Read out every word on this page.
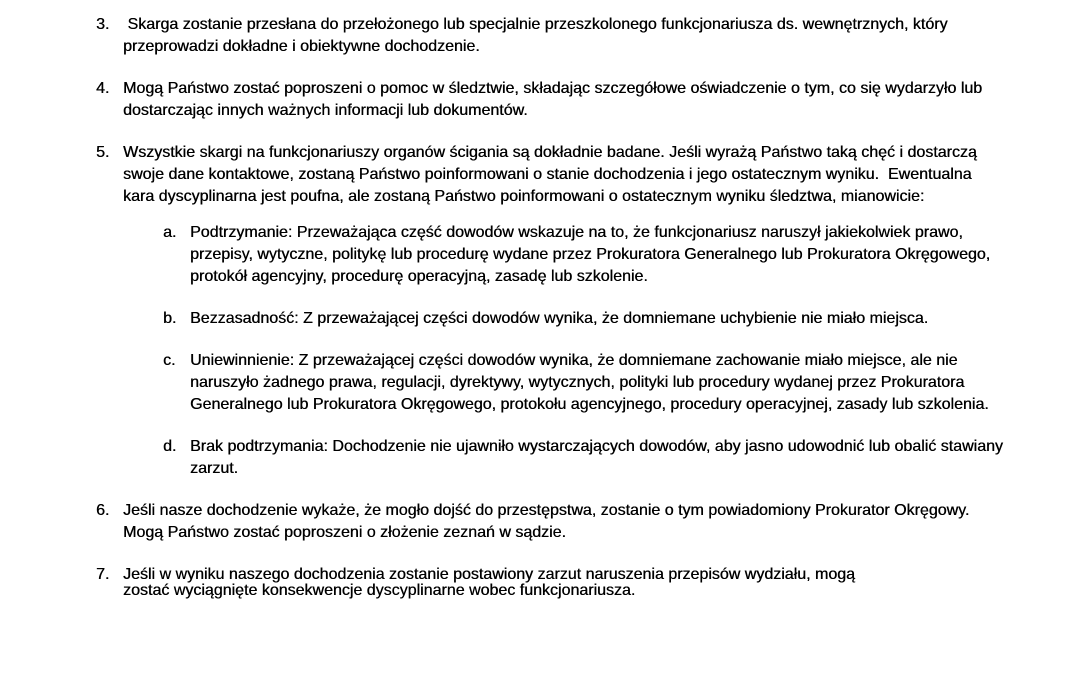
3. Skarga zostanie przesłana do przełożonego lub specjalnie przeszkolonego funkcjonariusza ds. wewnętrznych, który przeprowadzi dokładne i obiektywne dochodzenie.
4. Mogą Państwo zostać poproszeni o pomoc w śledztwie, składając szczegółowe oświadczenie o tym, co się wydarzyło lub dostarczając innych ważnych informacji lub dokumentów.
5. Wszystkie skargi na funkcjonariuszy organów ścigania są dokładnie badane. Jeśli wyrażą Państwo taką chęć i dostarczą swoje dane kontaktowe, zostaną Państwo poinformowani o stanie dochodzenia i jego ostatecznym wyniku.  Ewentualna kara dyscyplinarna jest poufna, ale zostaną Państwo poinformowani o ostatecznym wyniku śledztwa, mianowicie:
a. Podtrzymanie: Przeważająca część dowodów wskazuje na to, że funkcjonariusz naruszył jakiekolwiek prawo, przepisy, wytyczne, politykę lub procedurę wydane przez Prokuratora Generalnego lub Prokuratora Okręgowego, protokół agencyjny, procedurę operacyjną, zasadę lub szkolenie.
b. Bezzasadność: Z przeważającej części dowodów wynika, że domniemane uchybienie nie miało miejsca.
c. Uniewinnienie: Z przeważającej części dowodów wynika, że domniemane zachowanie miało miejsce, ale nie naruszyło żadnego prawa, regulacji, dyrektywy, wytycznych, polityki lub procedury wydanej przez Prokuratora Generalnego lub Prokuratora Okręgowego, protokołu agencyjnego, procedury operacyjnej, zasady lub szkolenia.
d. Brak podtrzymania: Dochodzenie nie ujawniło wystarczających dowodów, aby jasno udowodnić lub obalić stawiany zarzut.
6. Jeśli nasze dochodzenie wykaże, że mogło dojść do przestępstwa, zostanie o tym powiadomiony Prokurator Okręgowy. Mogą Państwo zostać poproszeni o złożenie zeznań w sądzie.
7. Jeśli w wyniku naszego dochodzenia zostanie postawiony zarzut naruszenia przepisów wydziału, mogą
zostać wyciągnięte konsekwencje dyscyplinarne wobec funkcjonariusza.
